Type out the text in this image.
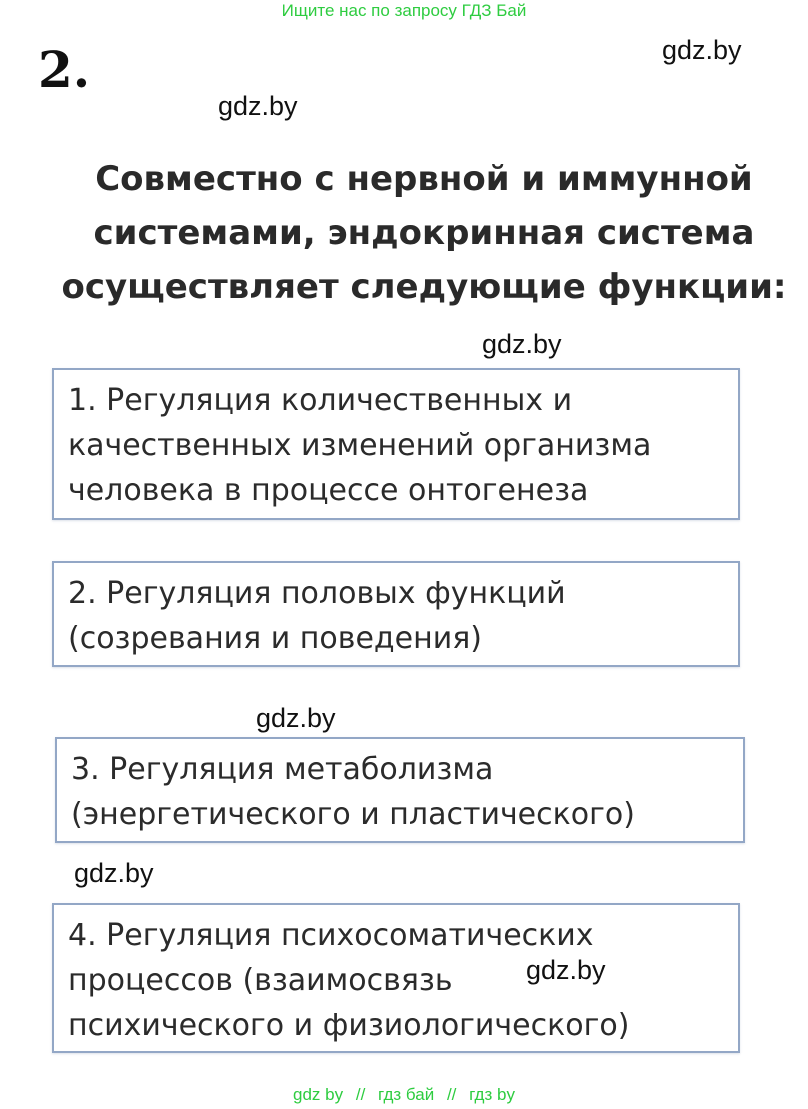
Ищите нас по запросу ГДЗ Бай
2.	gdz.by
gdz.by
Совместно с нервной и иммунной
системами, эндокринная система
осуществляет следующие функции:
gdz.by
1. Регуляция количественных и
качественных изменений организма
человека в процессе онтогенеза
2. Регуляция половых функций
(созревания и поведения)
gdz.by
3. Регуляция метаболизма
(энергетического и пластического)
gdz.by
4. Регуляция психосоматических
процессов (взаимосвязь
психического и физиологического)
gdz.by
gdz by // гдз бай // гдз by
